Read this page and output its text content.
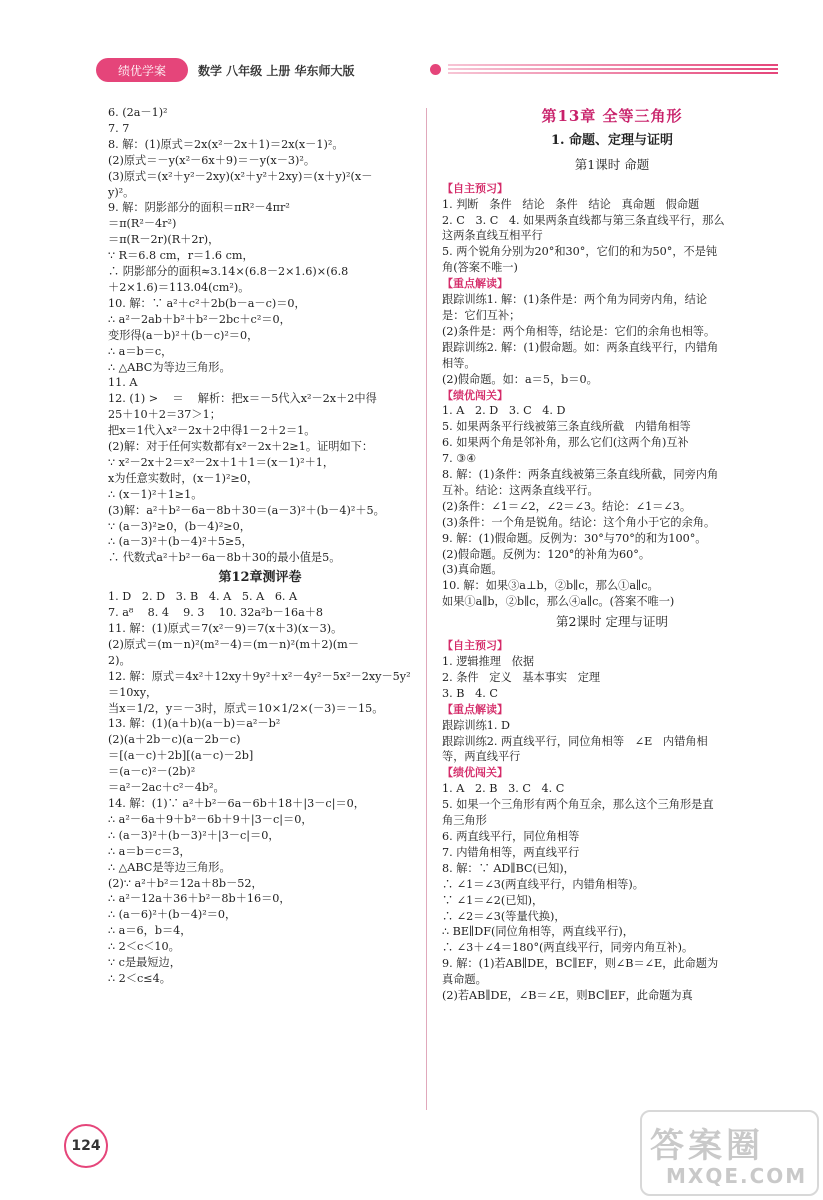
绩优学案	数学 八年级 上册 华东师大版
6. (2a－1)²
7. 7
8. 解：(1)原式＝2x(x²－2x＋1)＝2x(x－1)²。
(2)原式＝－y(x²－6x＋9)＝－y(x－3)²。
(3)原式＝(x²＋y²－2xy)(x²＋y²＋2xy)＝(x＋y)²(x－
y)²。
9. 解：阴影部分的面积＝πR²－4πr²
＝π(R²－4r²)
＝π(R－2r)(R＋2r)，
∵ R＝6.8 cm，r＝1.6 cm，
∴ 阴影部分的面积≈3.14×(6.8－2×1.6)×(6.8
＋2×1.6)＝113.04(cm²)。
10. 解：∵ a²＋c²＋2b(b－a－c)＝0，
∴ a²－2ab＋b²＋b²－2bc＋c²＝0，
变形得(a－b)²＋(b－c)²＝0，
∴ a＝b＝c，
∴ △ABC为等边三角形。
11. A
12. (1) >    ＝    解析：把x＝－5代入x²－2x＋2中得
25＋10＋2＝37＞1；
把x＝1代入x²－2x＋2中得1－2＋2＝1。
(2)解：对于任何实数都有x²－2x＋2≥1。证明如下：
∵ x²－2x＋2＝x²－2x＋1＋1＝(x－1)²＋1，
x为任意实数时，(x－1)²≥0，
∴ (x－1)²＋1≥1。
(3)解：a²＋b²－6a－8b＋30＝(a－3)²＋(b－4)²＋5。
∵ (a－3)²≥0，(b－4)²≥0，
∴ (a－3)²＋(b－4)²＋5≥5，
∴ 代数式a²＋b²－6a－8b＋30的最小值是5。
第12章测评卷
1. D   2. D   3. B   4. A   5. A   6. A
7. a⁸    8. 4    9. 3    10. 32a²b－16a＋8
11. 解：(1)原式＝7(x²－9)＝7(x＋3)(x－3)。
(2)原式＝(m－n)²(m²－4)＝(m－n)²(m＋2)(m－
2)。
12. 解：原式＝4x²＋12xy＋9y²＋x²－4y²－5x²－2xy－5y²
＝10xy，
当x＝1/2，y＝－3时，原式＝10×1/2×(－3)＝－15。
13. 解：(1)(a＋b)(a－b)＝a²－b²
(2)(a＋2b－c)(a－2b－c)
＝[(a－c)＋2b][(a－c)－2b]
＝(a－c)²－(2b)²
＝a²－2ac＋c²－4b²。
14. 解：(1)∵ a²＋b²－6a－6b＋18＋|3－c|＝0，
∴ a²－6a＋9＋b²－6b＋9＋|3－c|＝0，
∴ (a－3)²＋(b－3)²＋|3－c|＝0，
∴ a＝b＝c＝3，
∴ △ABC是等边三角形。
(2)∵ a²＋b²＝12a＋8b－52，
∴ a²－12a＋36＋b²－8b＋16＝0，
∴ (a－6)²＋(b－4)²＝0，
∴ a＝6，b＝4，
∴ 2＜c＜10。
∵ c是最短边，
∴ 2＜c≤4。
第13章 全等三角形
1. 命题、定理与证明
第1课时 命题
【自主预习】
1. 判断   条件   结论   条件   结论   真命题   假命题
2. C   3. C   4. 如果两条直线都与第三条直线平行，那么
这两条直线互相平行
5. 两个锐角分别为20°和30°，它们的和为50°，不是钝
角(答案不唯一)
【重点解读】
跟踪训练1. 解：(1)条件是：两个角为同旁内角，结论
是：它们互补；
(2)条件是：两个角相等，结论是：它们的余角也相等。
跟踪训练2. 解：(1)假命题。如：两条直线平行，内错角
相等。
(2)假命题。如：a＝5，b＝0。
【绩优闯关】
1. A   2. D   3. C   4. D
5. 如果两条平行线被第三条直线所截   内错角相等
6. 如果两个角是邻补角，那么它们(这两个角)互补
7. ③④
8. 解：(1)条件：两条直线被第三条直线所截，同旁内角
互补。结论：这两条直线平行。
(2)条件：∠1＝∠2，∠2＝∠3。结论：∠1＝∠3。
(3)条件：一个角是锐角。结论：这个角小于它的余角。
9. 解：(1)假命题。反例为：30°与70°的和为100°。
(2)假命题。反例为：120°的补角为60°。
(3)真命题。
10. 解：如果③a⊥b，②b∥c，那么①a∥c。
如果①a∥b，②b∥c，那么④a∥c。(答案不唯一)
第2课时 定理与证明
【自主预习】
1. 逻辑推理   依据
2. 条件   定义   基本事实   定理
3. B   4. C
【重点解读】
跟踪训练1. D
跟踪训练2. 两直线平行，同位角相等   ∠E   内错角相
等，两直线平行
【绩优闯关】
1. A   2. B   3. C   4. C
5. 如果一个三角形有两个角互余，那么这个三角形是直
角三角形
6. 两直线平行，同位角相等
7. 内错角相等，两直线平行
8. 解：∵ AD∥BC(已知)，
∴ ∠1＝∠3(两直线平行，内错角相等)。
∵ ∠1＝∠2(已知)，
∴ ∠2＝∠3(等量代换)，
∴ BE∥DF(同位角相等，两直线平行)，
∴ ∠3＋∠4＝180°(两直线平行，同旁内角互补)。
9. 解：(1)若AB∥DE，BC∥EF，则∠B＝∠E，此命题为
真命题。
(2)若AB∥DE，∠B＝∠E，则BC∥EF，此命题为真
124	答案圈
MXQE.COM
